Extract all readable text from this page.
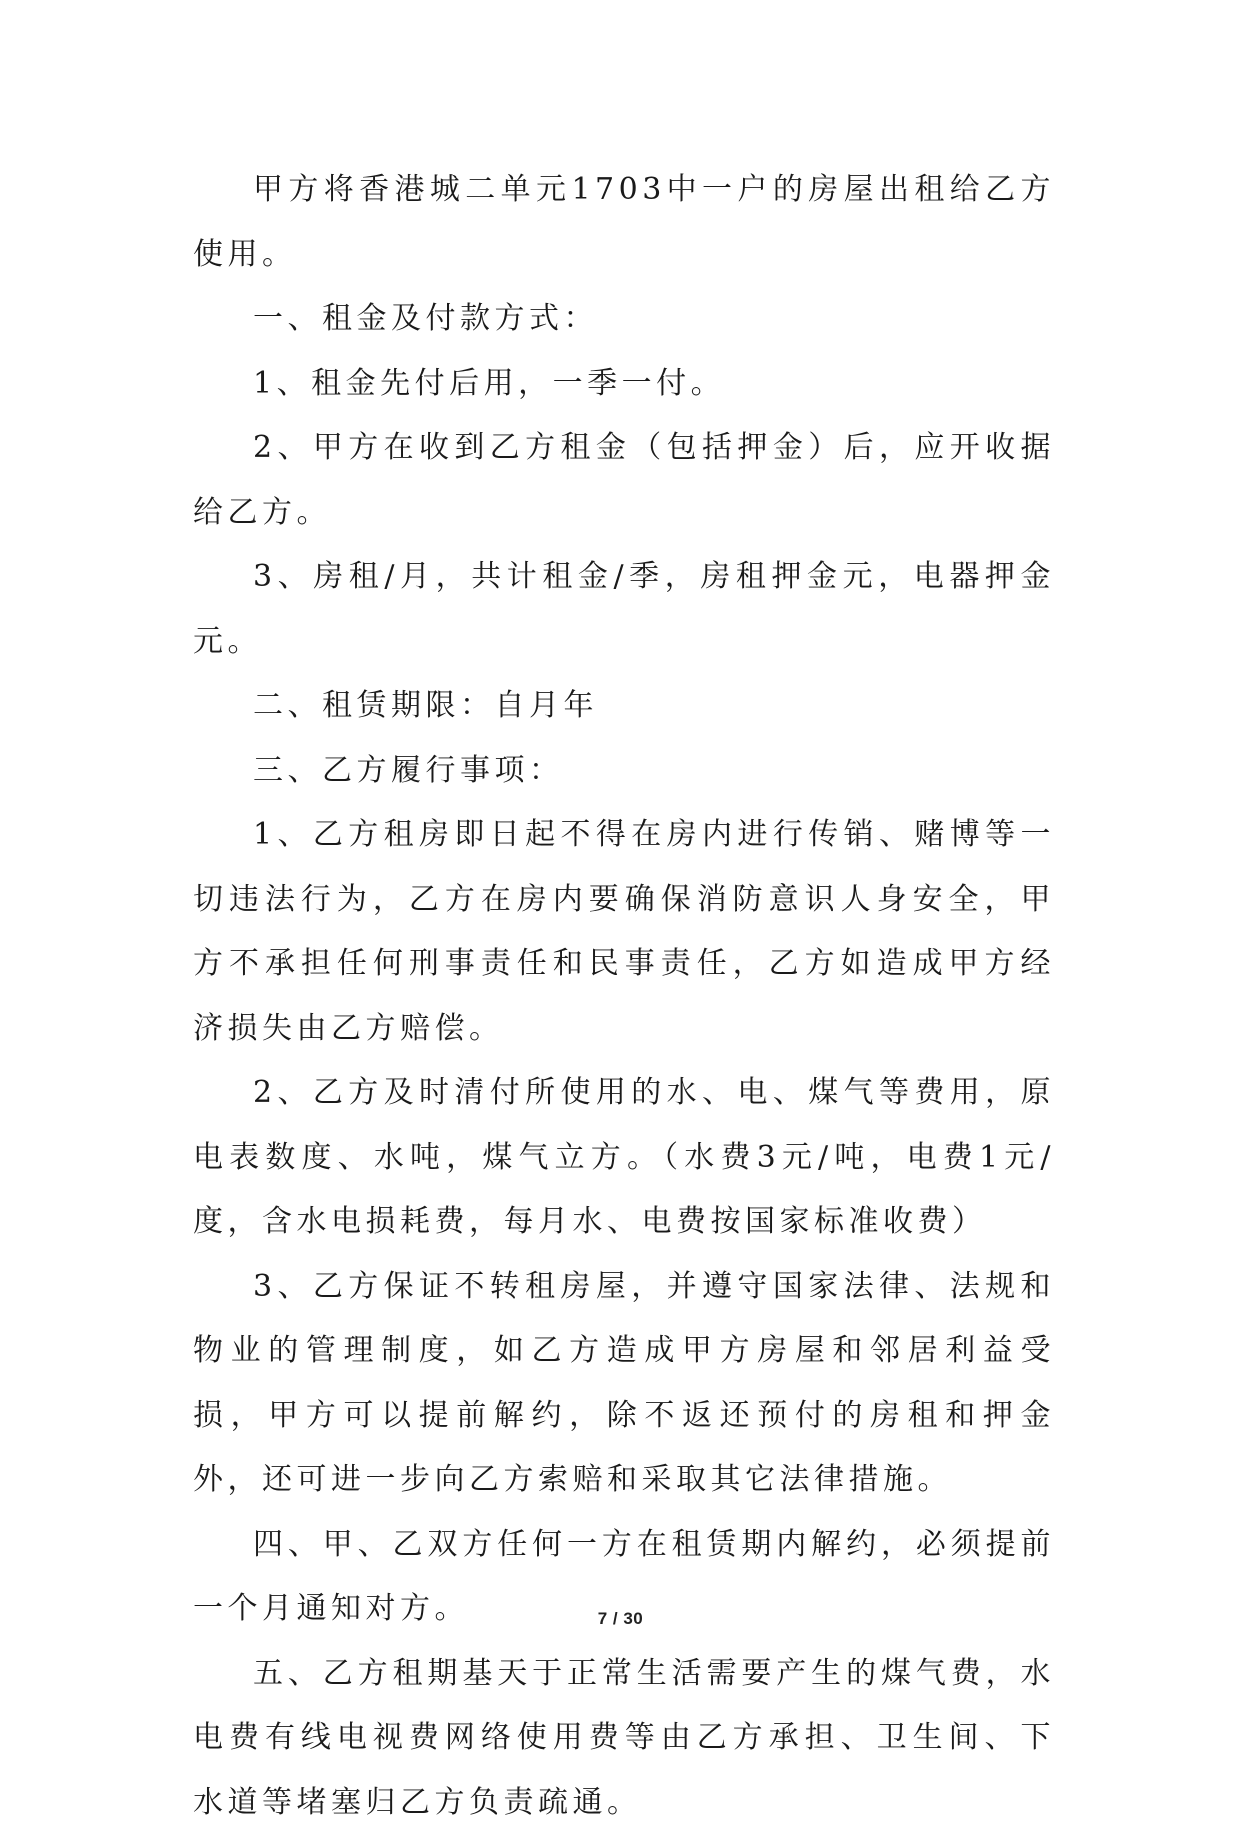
甲方将香港城二单元1703中一户的房屋出租给乙方使用。

一、租金及付款方式：

1、租金先付后用，一季一付。

2、甲方在收到乙方租金（包括押金）后，应开收据给乙方。

3、房租/月，共计租金/季，房租押金元，电器押金元。

二、租赁期限：自月年

三、乙方履行事项：

1、乙方租房即日起不得在房内进行传销、赌博等一切违法行为，乙方在房内要确保消防意识人身安全，甲方不承担任何刑事责任和民事责任，乙方如造成甲方经济损失由乙方赔偿。

2、乙方及时清付所使用的水、电、煤气等费用，原电表数度、水吨，煤气立方。（水费3元/吨，电费1元/度，含水电损耗费，每月水、电费按国家标准收费）

3、乙方保证不转租房屋，并遵守国家法律、法规和物业的管理制度，如乙方造成甲方房屋和邻居利益受损，甲方可以提前解约，除不返还预付的房租和押金外，还可进一步向乙方索赔和采取其它法律措施。

四、甲、乙双方任何一方在租赁期内解约，必须提前一个月通知对方。

五、乙方租期基天于正常生活需要产生的煤气费，水电费有线电视费网络使用费等由乙方承担、卫生间、下水道等堵塞归乙方负责疏通。

7 / 30
